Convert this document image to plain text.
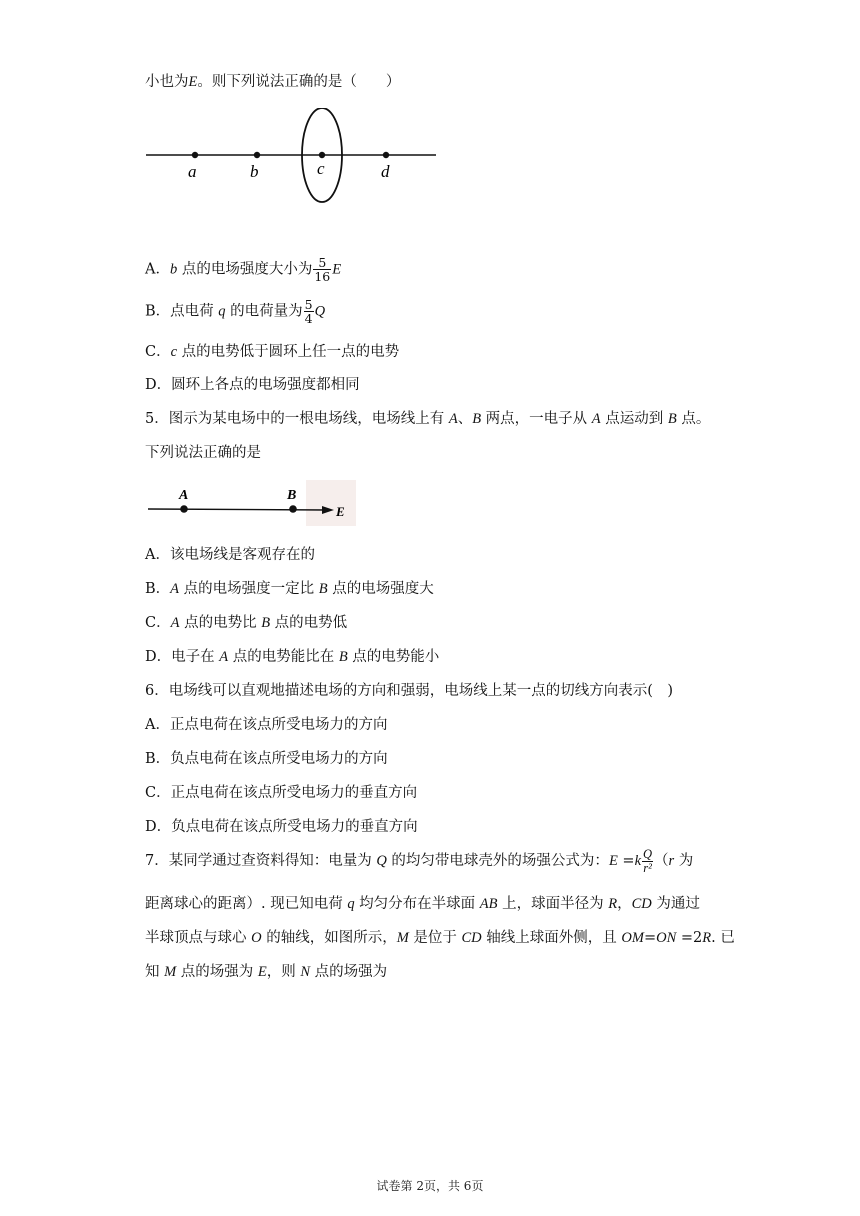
小也为E。则下列说法正确的是（　　）
a	b	c	d
A．b 点的电场强度大小为 $\frac{5}{16}$ E
B．点电荷 q 的电荷量为 $\frac{5}{4}$ Q
C．c 点的电势低于圆环上任一点的电势
D．圆环上各点的电场强度都相同
5．图示为某电场中的一根电场线，电场线上有 A、B 两点，一电子从 A 点运动到 B 点。
下列说法正确的是
A	B
E
A．该电场线是客观存在的
B．A 点的电场强度一定比 B 点的电场强度大
C．A 点的电势比 B 点的电势低
D．电子在 A 点的电势能比在 B 点的电势能小
6．电场线可以直观地描述电场的方向和强弱，电场线上某一点的切线方向表示(　)
A．正点电荷在该点所受电场力的方向
B．负点电荷在该点所受电场力的方向
C．正点电荷在该点所受电场力的垂直方向
D．负点电荷在该点所受电场力的垂直方向
7．某同学通过查资料得知：电量为 Q 的均匀带电球壳外的场强公式为：$E =k \frac{Q}{\text{r²}} (r$ 为
距离球心的距离）. 现已知电荷 q 均匀分布在半球面 AB 上，球面半径为 R，CD 为通过
半球顶点与球心 O 的轴线，如图所示，M 是位于 CD 轴线上球面外侧，且 OM=ON =2R. 已
知 M 点的场强为 E，则 N 点的场强为
试卷第 2页，共 6页
